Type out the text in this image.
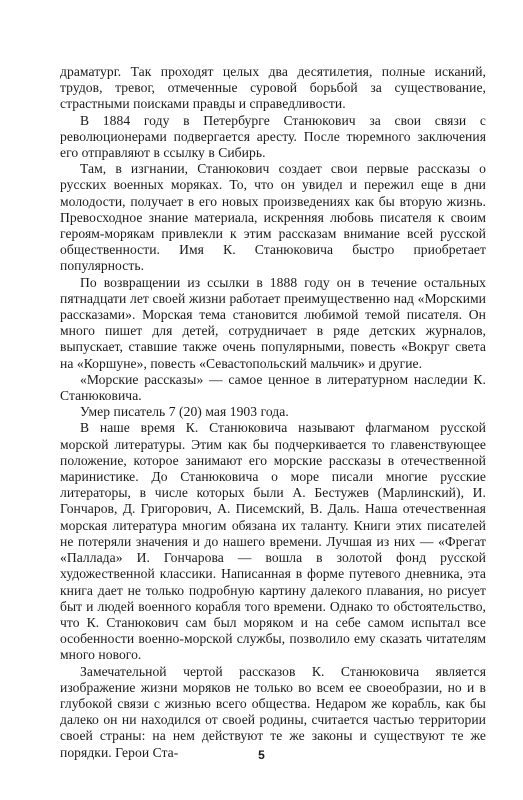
драматург. Так проходят целых два десятилетия, полные исканий, трудов, тревог, отмеченные суровой борьбой за существование, страстными поисками правды и справедливости.

В 1884 году в Петербурге Станюкович за свои связи с революционерами подвергается аресту. После тюремного заключения его отправляют в ссылку в Сибирь.

Там, в изгнании, Станюкович создает свои первые рассказы о русских военных моряках. То, что он увидел и пережил еще в дни молодости, получает в его новых произведениях как бы вторую жизнь. Превосходное знание материала, искренняя любовь писателя к своим героям-морякам привлекли к этим рассказам внимание всей русской общественности. Имя К. Станюковича быстро приобретает популярность.

По возвращении из ссылки в 1888 году он в течение остальных пятнадцати лет своей жизни работает преимущественно над «Морскими рассказами». Морская тема становится любимой темой писателя. Он много пишет для детей, сотрудничает в ряде детских журналов, выпускает, ставшие также очень популярными, повесть «Вокруг света на «Коршуне», повесть «Севастопольский мальчик» и другие.

«Морские рассказы» — самое ценное в литературном наследии К. Станюковича.

Умер писатель 7 (20) мая 1903 года.

В наше время К. Станюковича называют флагманом русской морской литературы. Этим как бы подчеркивается то главенствующее положение, которое занимают его морские рассказы в отечественной маринистике. До Станюковича о море писали многие русские литераторы, в числе которых были А. Бестужев (Марлинский), И. Гончаров, Д. Григорович, А. Писемский, В. Даль. Наша отечественная морская литература многим обязана их таланту. Книги этих писателей не потеряли значения и до нашего времени. Лучшая из них — «Фрегат «Паллада» И. Гончарова — вошла в золотой фонд русской художественной классики. Написанная в форме путевого дневника, эта книга дает не только подробную картину далекого плавания, но рисует быт и людей военного корабля того времени. Однако то обстоятельство, что К. Станюкович сам был моряком и на себе самом испытал все особенности военно-морской службы, позволило ему сказать читателям много нового.

Замечательной чертой рассказов К. Станюковича является изображение жизни моряков не только во всем ее своеобразии, но и в глубокой связи с жизнью всего общества. Недаром же корабль, как бы далеко он ни находился от своей родины, считается частью территории своей страны: на нем действуют те же законы и существуют те же порядки. Герои Ста-	5
